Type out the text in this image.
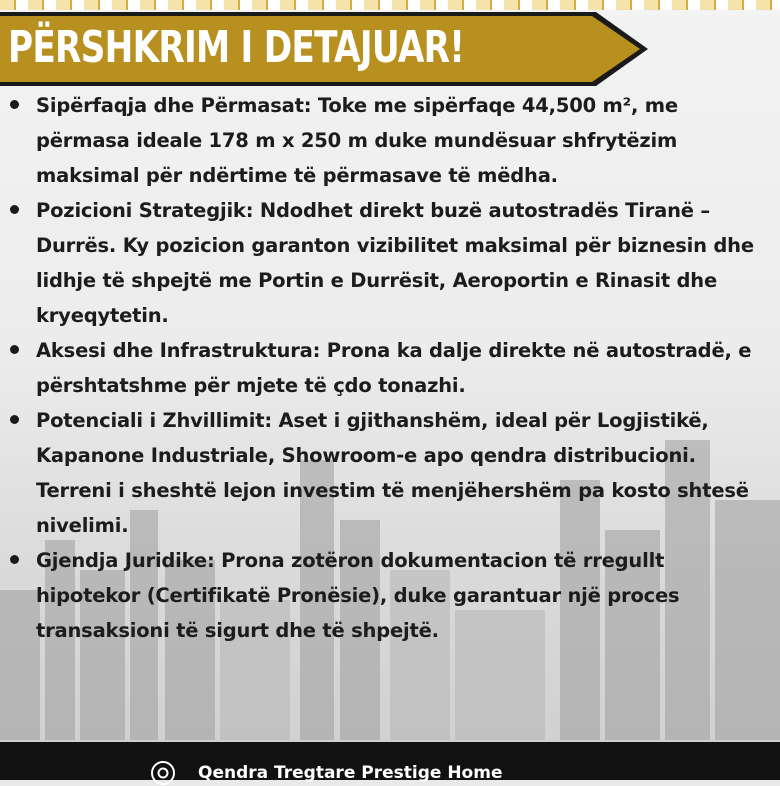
PËRSHKRIM I DETAJUAR!
Sipërfaqja dhe Përmasat: Toke me sipërfaqe 44,500 m², me përmasa ideale 178 m x 250 m duke mundësuar shfrytëzim maksimal për ndërtime të përmasave të mëdha.
Pozicioni Strategjik: Ndodhet direkt buzë autostradës Tiranë – Durrës. Ky pozicion garanton vizibilitet maksimal për biznesin dhe lidhje të shpejtë me Portin e Durrësit, Aeroportin e Rinasit dhe kryeqytetin.
Aksesi dhe Infrastruktura: Prona ka dalje direkte në autostradë, e përshtatshme për mjete të çdo tonazhi.
Potenciali i Zhvillimit: Aset i gjithanshëm, ideal për Logjistikë, Kapanone Industriale, Showroom-e apo qendra distribucioni. Terreni i sheshtë lejon investim të menjëhershëm pa kosto shtesë nivelimi.
Gjendja Juridike: Prona zotëron dokumentacion të rregullt hipotekor (Certifikatë Pronësie), duke garantuar një proces transaksioni të sigurt dhe të shpejtë.
Qendra Tregtare Prestige Home
